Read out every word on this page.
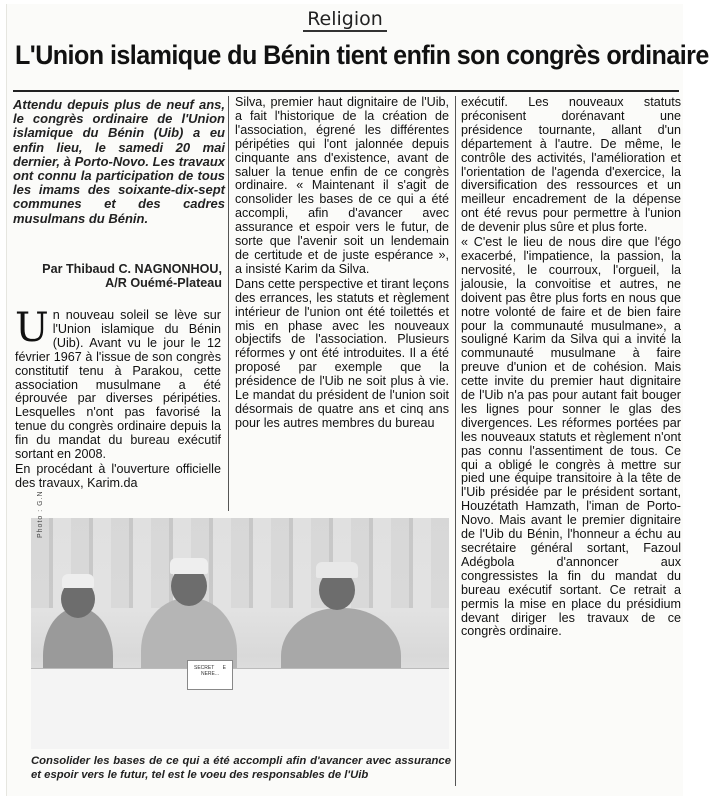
Religion
L'Union islamique du Bénin tient enfin son congrès ordinaire
Attendu depuis plus de neuf ans, le congrès ordinaire de l'Union islamique du Bénin (Uib) a eu enfin lieu, le samedi 20 mai dernier, à Porto-Novo. Les travaux ont connu la participation de tous les imams des soixante-dix-sept communes et des cadres musulmans du Bénin.
Par Thibaud C. NAGNONHOU,
A/R Ouémé-Plateau

Un nouveau soleil se lève sur l'Union islamique du Bénin (Uib). Avant vu le jour le 12 février 1967 à l'issue de son congrès constitutif tenu à Parakou, cette association musulmane a été éprouvée par diverses péripéties. Lesquelles n'ont pas favorisé la tenue du congrès ordinaire depuis la fin du mandat du bureau exécutif sortant en 2008.

En procédant à l'ouverture officielle des travaux, Karim.da

Silva, premier haut dignitaire de l'Uib, a fait l'historique de la création de l'association, égrené les différentes péripéties qui l'ont jalonnée depuis cinquante ans d'existence, avant de saluer la tenue enfin de ce congrès ordinaire. « Maintenant il s'agit de consolider les bases de ce qui a été accompli, afin d'avancer avec assurance et espoir vers le futur, de sorte que l'avenir soit un lendemain de certitude et de juste espérance », a insisté Karim da Silva.

Dans cette perspective et tirant leçons des errances, les statuts et règlement intérieur de l'union ont été toilettés et mis en phase avec les nouveaux objectifs de l'association. Plusieurs réformes y ont été introduites. Il a été proposé par exemple que la présidence de l'Uib ne soit plus à vie. Le mandat du président de l'union soit désormais de quatre ans et cinq ans pour les autres membres du bureau

exécutif. Les nouveaux statuts préconisent dorénavant une présidence tournante, allant d'un département à l'autre. De même, le contrôle des activités, l'amélioration et l'orientation de l'agenda d'exercice, la diversification des ressources et un meilleur encadrement de la dépense ont été revus pour permettre à l'union de devenir plus sûre et plus forte.

« C'est le lieu de nous dire que l'égo exacerbé, l'impatience, la passion, la nervosité, le courroux, l'orgueil, la jalousie, la convoitise et autres, ne doivent pas être plus forts en nous que notre volonté de faire et de bien faire pour la communauté musulmane», a souligné Karim da Silva qui a invité la communauté musulmane à faire preuve d'union et de cohésion. Mais cette invite du premier haut dignitaire de l'Uib n'a pas pour autant fait bouger les lignes pour sonner le glas des divergences. Les réformes portées par les nouveaux statuts et règlement n'ont pas connu l'assentiment de tous. Ce qui a obligé le congrès à mettre sur pied une équipe transitoire à la tête de l'Uib présidée par le président sortant, Houzétath Hamzath, l'iman de Porto-Novo. Mais avant le premier dignitaire de l'Uib du Bénin, l'honneur a échu au secrétaire général sortant, Fazoul Adégbola d'annoncer aux congressistes la fin du mandat du bureau exécutif sortant. Ce retrait a permis la mise en place du présidium devant diriger les travaux de ce congrès ordinaire.

Photo : G.N
SECRET      E NERE...
Consolider les bases de ce qui a été accompli afin d'avancer avec assurance et espoir vers le futur, tel est le voeu des responsables de l'Uib
